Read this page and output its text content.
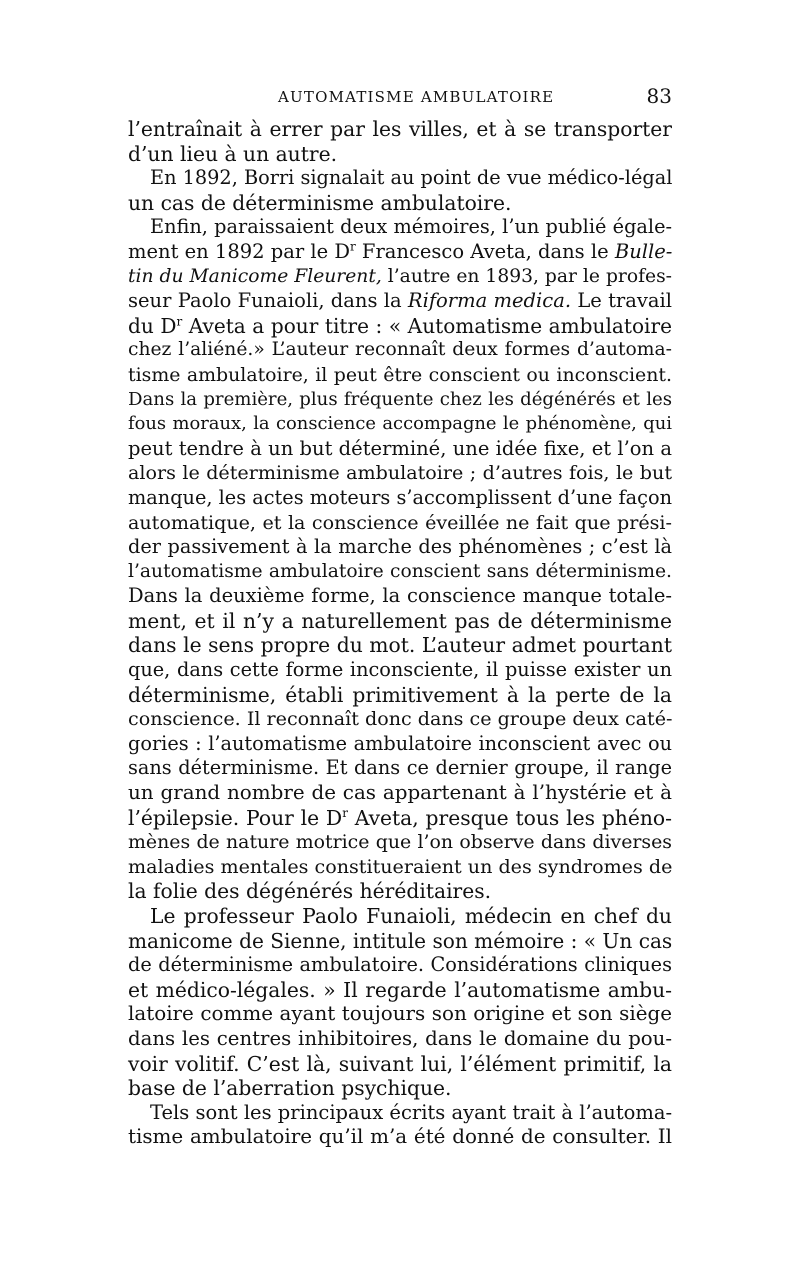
AUTOMATISME AMBULATOIRE	83
l’entraînait à errer par les villes, et à se transporter
d’un lieu à un autre.
En 1892, Borri signalait au point de vue médico-légal
un cas de déterminisme ambulatoire.
Enfin, paraissaient deux mémoires, l’un publié égale-
ment en 1892 par le $D^r$ Francesco Aveta, dans le Bulle-
tin du Manicome Fleurent, l’autre en 1893, par le profes-
seur Paolo Funaioli, dans la Riforma medica. Le travail
du $D^r$ Aveta a pour titre : « Automatisme ambulatoire
chez l’aliéné.» L’auteur reconnaît deux formes d’automa-
tisme ambulatoire, il peut être conscient ou inconscient.
Dans la première, plus fréquente chez les dégénérés et les
fous moraux, la conscience accompagne le phénomène, qui
peut tendre à un but déterminé, une idée fixe, et l’on a
alors le déterminisme ambulatoire ; d’autres fois, le but
manque, les actes moteurs s’accomplissent d’une façon
automatique, et la conscience éveillée ne fait que prési-
der passivement à la marche des phénomènes ; c’est là
l’automatisme ambulatoire conscient sans déterminisme.
Dans la deuxième forme, la conscience manque totale-
ment, et il n’y a naturellement pas de déterminisme
dans le sens propre du mot. L’auteur admet pourtant
que, dans cette forme inconsciente, il puisse exister un
déterminisme, établi primitivement à la perte de la
conscience. Il reconnaît donc dans ce groupe deux caté-
gories : l’automatisme ambulatoire inconscient avec ou
sans déterminisme. Et dans ce dernier groupe, il range
un grand nombre de cas appartenant à l’hystérie et à
l’épilepsie. Pour le $D^r$ Aveta, presque tous les phéno-
mènes de nature motrice que l’on observe dans diverses
maladies mentales constitueraient un des syndromes de
la folie des dégénérés héréditaires.
Le professeur Paolo Funaioli, médecin en chef du
manicome de Sienne, intitule son mémoire : « Un cas
de déterminisme ambulatoire. Considérations cliniques
et médico-légales. » Il regarde l’automatisme ambu-
latoire comme ayant toujours son origine et son siège
dans les centres inhibitoires, dans le domaine du pou-
voir volitif. C’est là, suivant lui, l’élément primitif, la
base de l’aberration psychique.
Tels sont les principaux écrits ayant trait à l’automa-
tisme ambulatoire qu’il m’a été donné de consulter. Il
